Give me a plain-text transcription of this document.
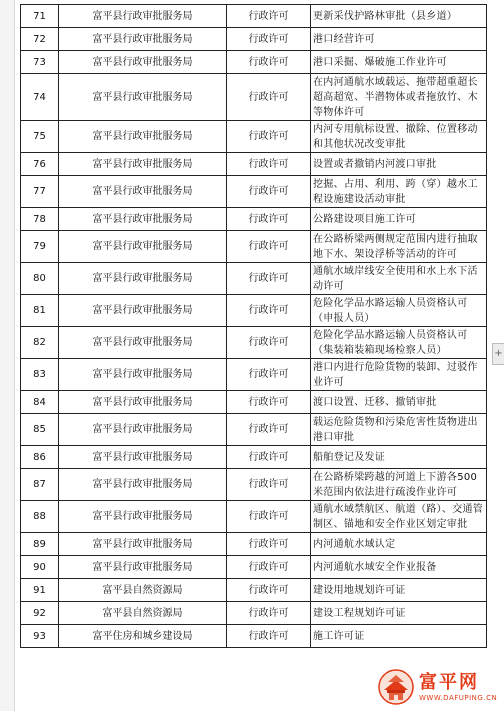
71	富平县行政审批服务局	行政许可	更新采伐护路林审批（县乡道）
72	富平县行政审批服务局	行政许可	港口经营许可
73	富平县行政审批服务局	行政许可	港口采掘、爆破施工作业许可
74	富平县行政审批服务局	行政许可	在内河通航水域载运、拖带超重超长超高超宽、半潜物体或者拖放竹、木等物体许可
75	富平县行政审批服务局	行政许可	内河专用航标设置、撤除、位置移动和其他状况改变审批
76	富平县行政审批服务局	行政许可	设置或者撤销内河渡口审批
77	富平县行政审批服务局	行政许可	挖掘、占用、利用、跨（穿）越水工程设施建设活动审批
78	富平县行政审批服务局	行政许可	公路建设项目施工许可
79	富平县行政审批服务局	行政许可	在公路桥梁两侧规定范围内进行抽取地下水、架设浮桥等活动的许可
80	富平县行政审批服务局	行政许可	通航水域岸线安全使用和水上水下活动许可
81	富平县行政审批服务局	行政许可	危险化学品水路运输人员资格认可（申报人员）
82	富平县行政审批服务局	行政许可	危险化学品水路运输人员资格认可（集装箱装箱现场检察人员）
83	富平县行政审批服务局	行政许可	港口内进行危险货物的装卸、过驳作业许可
84	富平县行政审批服务局	行政许可	渡口设置、迁移、撤销审批
85	富平县行政审批服务局	行政许可	载运危险货物和污染危害性货物进出港口审批
86	富平县行政审批服务局	行政许可	船舶登记及发证
87	富平县行政审批服务局	行政许可	在公路桥梁跨越的河道上下游各500米范围内依法进行疏浚作业许可
88	富平县行政审批服务局	行政许可	通航水域禁航区、航道（路）、交通管制区、锚地和安全作业区划定审批
89	富平县行政审批服务局	行政许可	内河通航水域认定
90	富平县行政审批服务局	行政许可	内河通航水域安全作业报备
91	富平县自然资源局	行政许可	建设用地规划许可证
92	富平县自然资源局	行政许可	建设工程规划许可证
93	富平住房和城乡建设局	行政许可	施工许可证
+
富平网
WWW.DAFUPING.CN
